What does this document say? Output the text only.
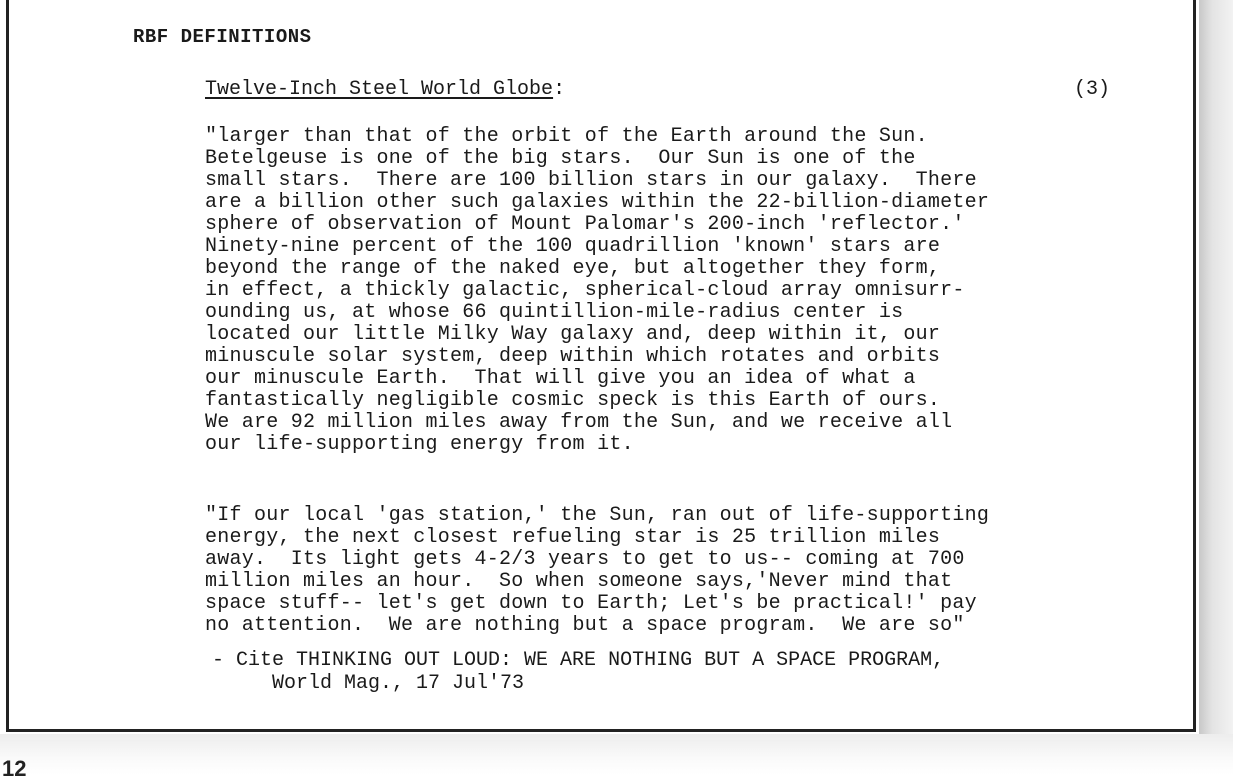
RBF DEFINITIONS
Twelve-Inch Steel World Globe:	(3)

"larger than that of the orbit of the Earth around the Sun.
Betelgeuse is one of the big stars.  Our Sun is one of the
small stars.  There are 100 billion stars in our galaxy.  There
are a billion other such galaxies within the 22-billion-diameter
sphere of observation of Mount Palomar's 200-inch 'reflector.'
Ninety-nine percent of the 100 quadrillion 'known' stars are
beyond the range of the naked eye, but altogether they form,
in effect, a thickly galactic, spherical-cloud array omnisurr-
ounding us, at whose 66 quintillion-mile-radius center is
located our little Milky Way galaxy and, deep within it, our
minuscule solar system, deep within which rotates and orbits
our minuscule Earth.  That will give you an idea of what a
fantastically negligible cosmic speck is this Earth of ours.
We are 92 million miles away from the Sun, and we receive all
our life-supporting energy from it.

"If our local 'gas station,' the Sun, ran out of life-supporting
energy, the next closest refueling star is 25 trillion miles
away.  Its light gets 4-2/3 years to get to us-- coming at 700
million miles an hour.  So when someone says,'Never mind that
space stuff-- let's get down to Earth; Let's be practical!' pay
no attention.  We are nothing but a space program.  We are so"

- Cite THINKING OUT LOUD: WE ARE NOTHING BUT A SPACE PROGRAM,
World Mag., 17 Jul'73

12
